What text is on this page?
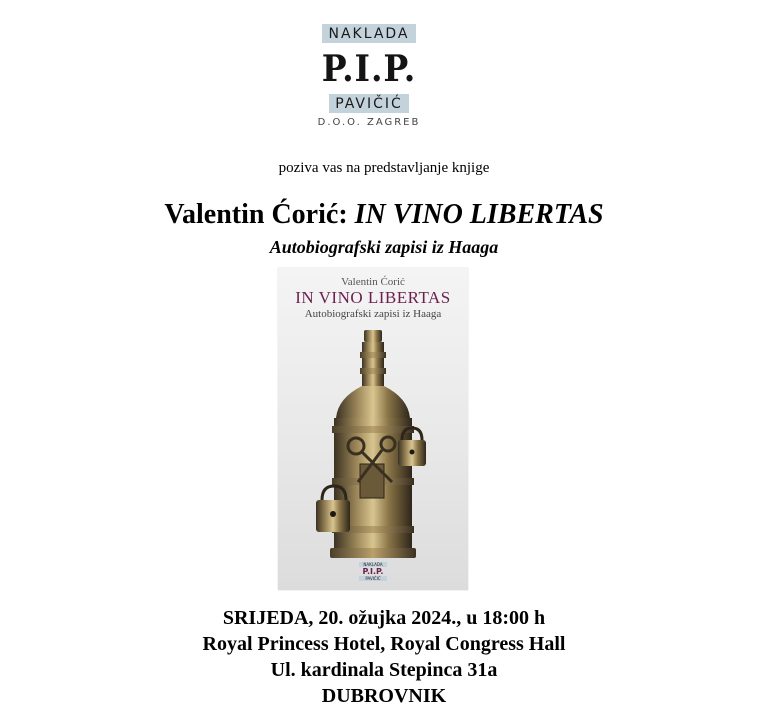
NAKLADA
P.I.P.
PAVIČIĆ
D.O.O. ZAGREB
poziva vas na predstavljanje knjige
Valentin Ćorić: IN VINO LIBERTAS
Autobiografski zapisi iz Haaga
Valentin Ćorić
IN VINO LIBERTAS
Autobiografski zapisi iz Haaga
NAKLADA
P.I.P.
PAVIČIĆ
SRIJEDA, 20. ožujka 2024., u 18:00 h
Royal Princess Hotel, Royal Congress Hall
Ul. kardinala Stepinca 31a
DUBROVNIK
